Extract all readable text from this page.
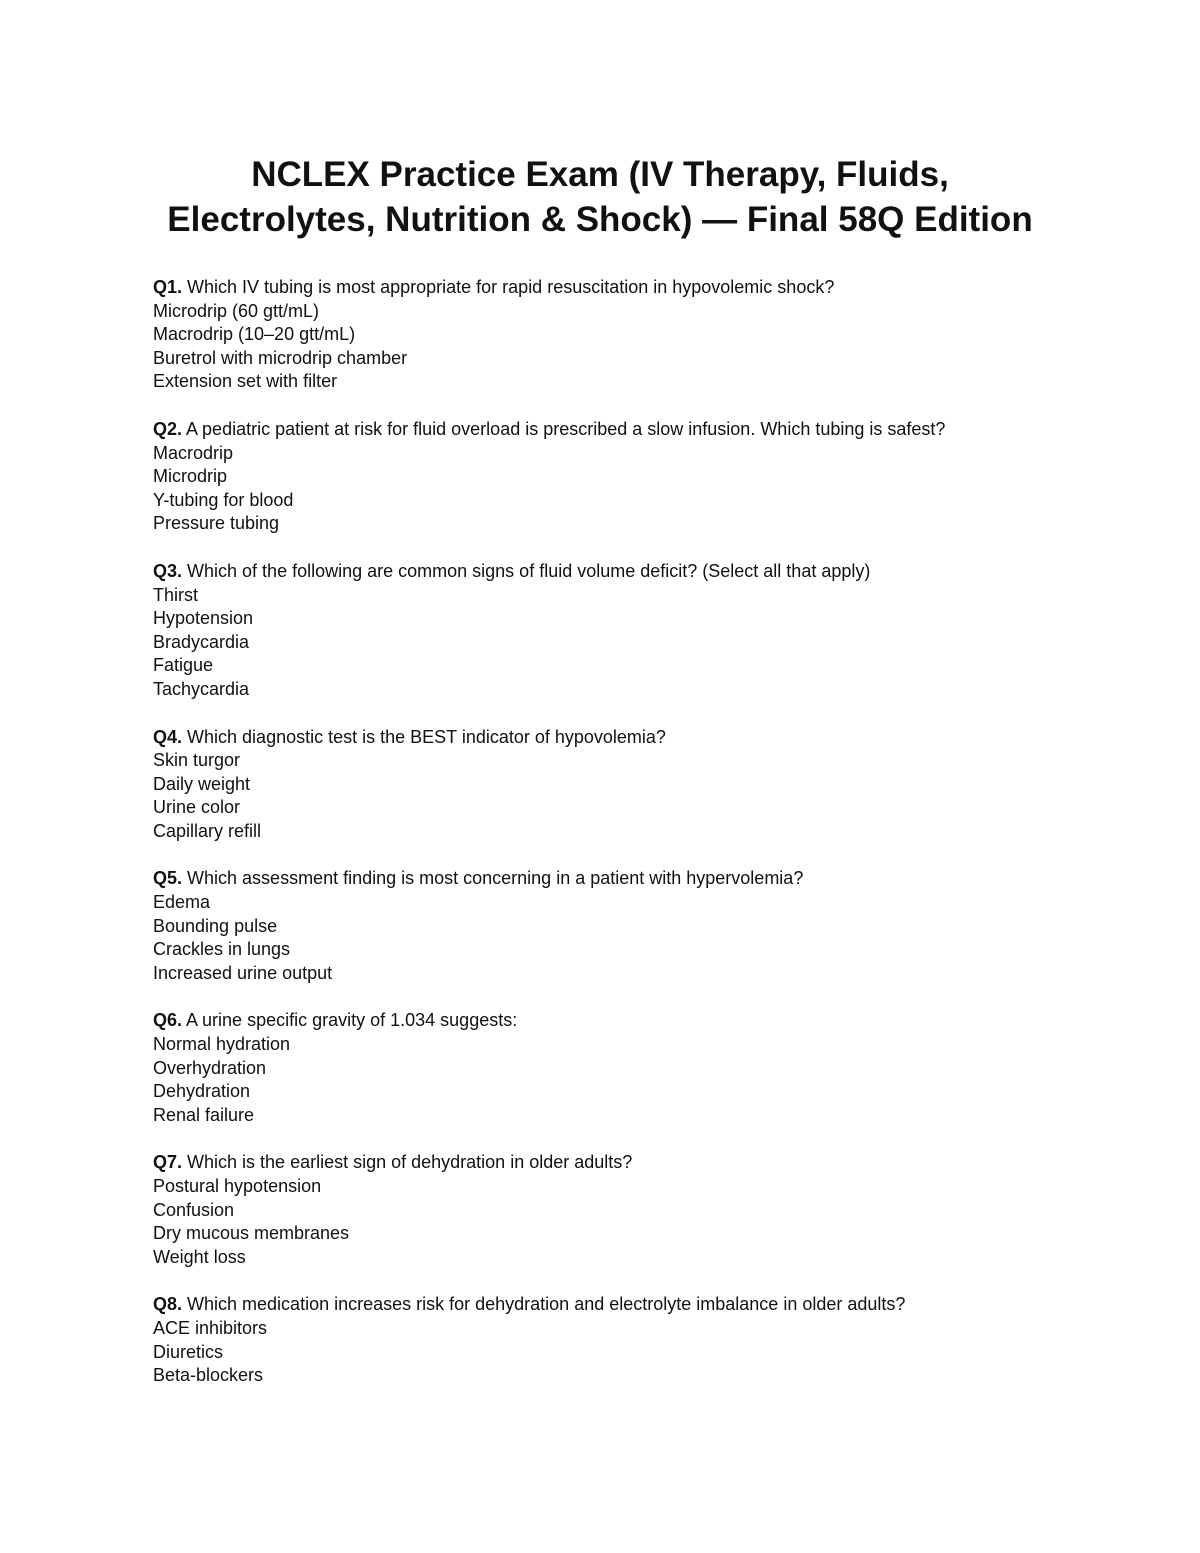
NCLEX Practice Exam (IV Therapy, Fluids,
Electrolytes, Nutrition & Shock) — Final 58Q Edition
Q1. Which IV tubing is most appropriate for rapid resuscitation in hypovolemic shock?
Microdrip (60 gtt/mL)
Macrodrip (10–20 gtt/mL)
Buretrol with microdrip chamber
Extension set with filter
Q2. A pediatric patient at risk for fluid overload is prescribed a slow infusion. Which tubing is safest?
Macrodrip
Microdrip
Y-tubing for blood
Pressure tubing
Q3. Which of the following are common signs of fluid volume deficit? (Select all that apply)
Thirst
Hypotension
Bradycardia
Fatigue
Tachycardia
Q4. Which diagnostic test is the BEST indicator of hypovolemia?
Skin turgor
Daily weight
Urine color
Capillary refill
Q5. Which assessment finding is most concerning in a patient with hypervolemia?
Edema
Bounding pulse
Crackles in lungs
Increased urine output
Q6. A urine specific gravity of 1.034 suggests:
Normal hydration
Overhydration
Dehydration
Renal failure
Q7. Which is the earliest sign of dehydration in older adults?
Postural hypotension
Confusion
Dry mucous membranes
Weight loss
Q8. Which medication increases risk for dehydration and electrolyte imbalance in older adults?
ACE inhibitors
Diuretics
Beta-blockers
